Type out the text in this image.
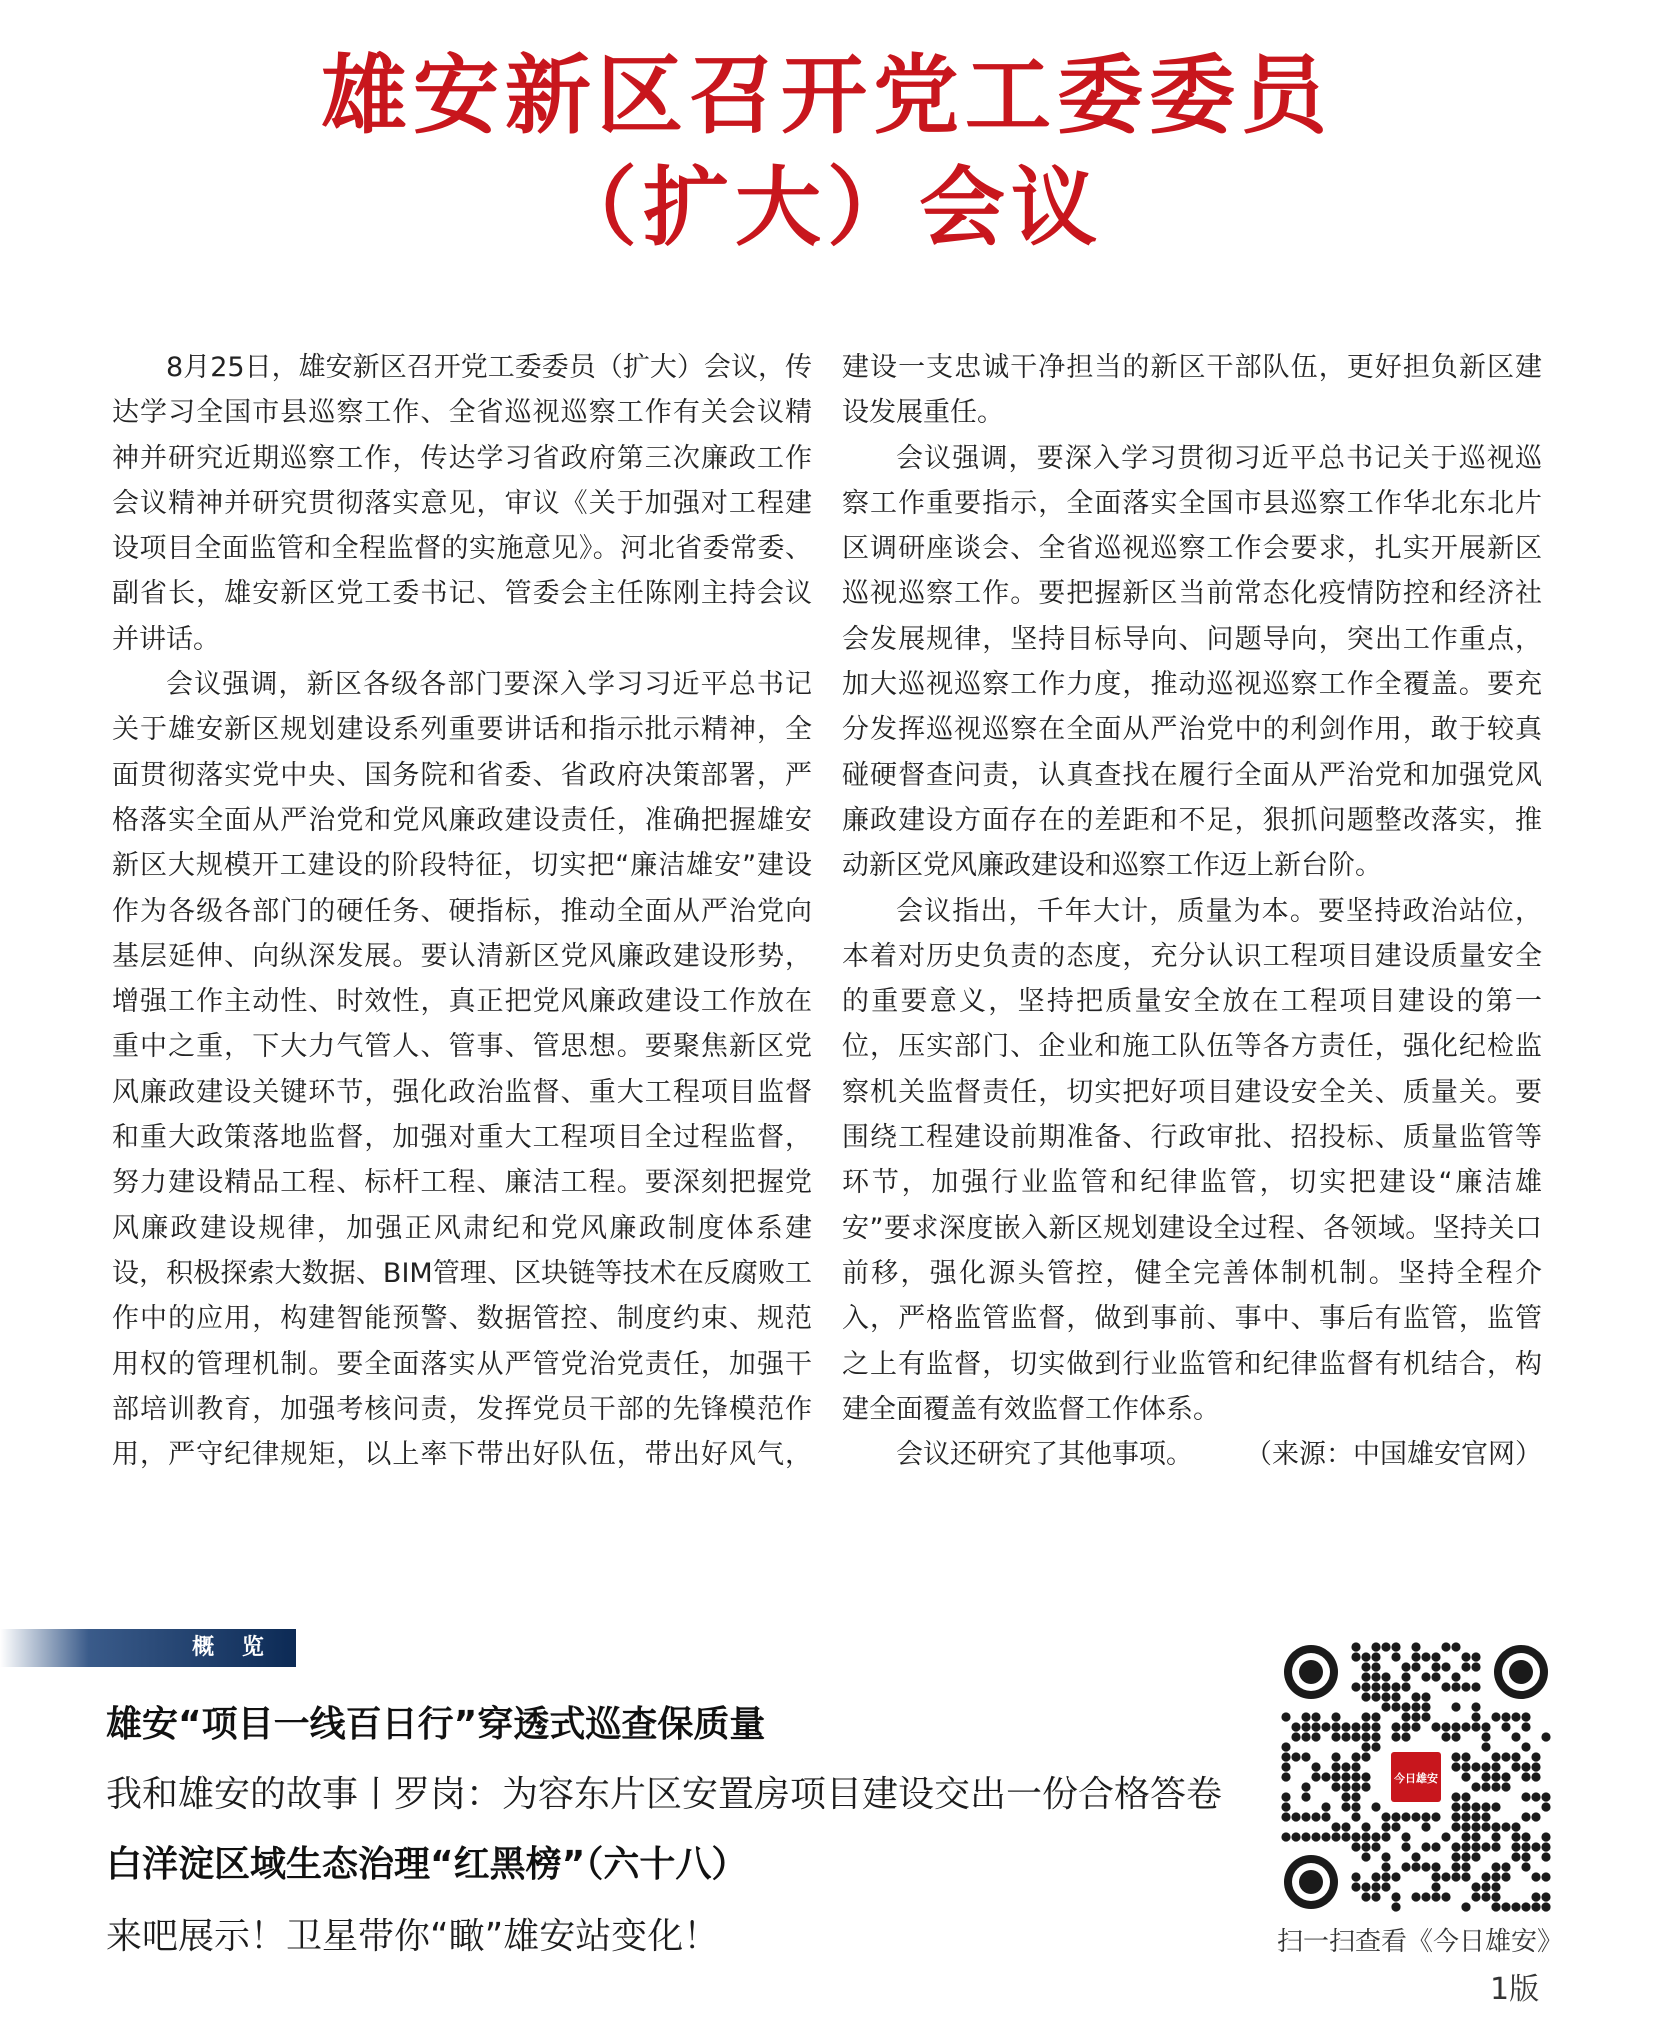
雄安新区召开党工委委员
（扩大）会议

8月25日，雄安新区召开党工委委员（扩大）会议，传达学习全国市县巡察工作、全省巡视巡察工作有关会议精神并研究近期巡察工作，传达学习省政府第三次廉政工作会议精神并研究贯彻落实意见，审议《关于加强对工程建设项目全面监管和全程监督的实施意见》。河北省委常委、副省长，雄安新区党工委书记、管委会主任陈刚主持会议并讲话。

会议强调，新区各级各部门要深入学习习近平总书记关于雄安新区规划建设系列重要讲话和指示批示精神，全面贯彻落实党中央、国务院和省委、省政府决策部署，严格落实全面从严治党和党风廉政建设责任，准确把握雄安新区大规模开工建设的阶段特征，切实把“廉洁雄安”建设作为各级各部门的硬任务、硬指标，推动全面从严治党向基层延伸、向纵深发展。要认清新区党风廉政建设形势，增强工作主动性、时效性，真正把党风廉政建设工作放在重中之重，下大力气管人、管事、管思想。要聚焦新区党风廉政建设关键环节，强化政治监督、重大工程项目监督和重大政策落地监督，加强对重大工程项目全过程监督，努力建设精品工程、标杆工程、廉洁工程。要深刻把握党风廉政建设规律，加强正风肃纪和党风廉政制度体系建设，积极探索大数据、BIM管理、区块链等技术在反腐败工作中的应用，构建智能预警、数据管控、制度约束、规范用权的管理机制。要全面落实从严管党治党责任，加强干部培训教育，加强考核问责，发挥党员干部的先锋模范作用，严守纪律规矩，以上率下带出好队伍，带出好风气，建设一支忠诚干净担当的新区干部队伍，更好担负新区建设发展重任。

会议强调，要深入学习贯彻习近平总书记关于巡视巡察工作重要指示，全面落实全国市县巡察工作华北东北片区调研座谈会、全省巡视巡察工作会要求，扎实开展新区巡视巡察工作。要把握新区当前常态化疫情防控和经济社会发展规律，坚持目标导向、问题导向，突出工作重点，加大巡视巡察工作力度，推动巡视巡察工作全覆盖。要充分发挥巡视巡察在全面从严治党中的利剑作用，敢于较真碰硬督查问责，认真查找在履行全面从严治党和加强党风廉政建设方面存在的差距和不足，狠抓问题整改落实，推动新区党风廉政建设和巡察工作迈上新台阶。

会议指出，千年大计，质量为本。要坚持政治站位，本着对历史负责的态度，充分认识工程项目建设质量安全的重要意义，坚持把质量安全放在工程项目建设的第一位，压实部门、企业和施工队伍等各方责任，强化纪检监察机关监督责任，切实把好项目建设安全关、质量关。要围绕工程建设前期准备、行政审批、招投标、质量监管等环节，加强行业监管和纪律监管，切实把建设“廉洁雄安”要求深度嵌入新区规划建设全过程、各领域。坚持关口前移，强化源头管控，健全完善体制机制。坚持全程介入，严格监管监督，做到事前、事中、事后有监管，监管之上有监督，切实做到行业监管和纪律监督有机结合，构建全面覆盖有效监督工作体系。

会议还研究了其他事项。 （来源：中国雄安官网）

概 览
雄安“项目一线百日行”穿透式巡查保质量
我和雄安的故事丨罗岗：为容东片区安置房项目建设交出一份合格答卷
白洋淀区域生态治理“红黑榜”（六十八）
来吧展示！卫星带你“瞰”雄安站变化！
今日雄安
扫一扫查看《今日雄安》
1版
